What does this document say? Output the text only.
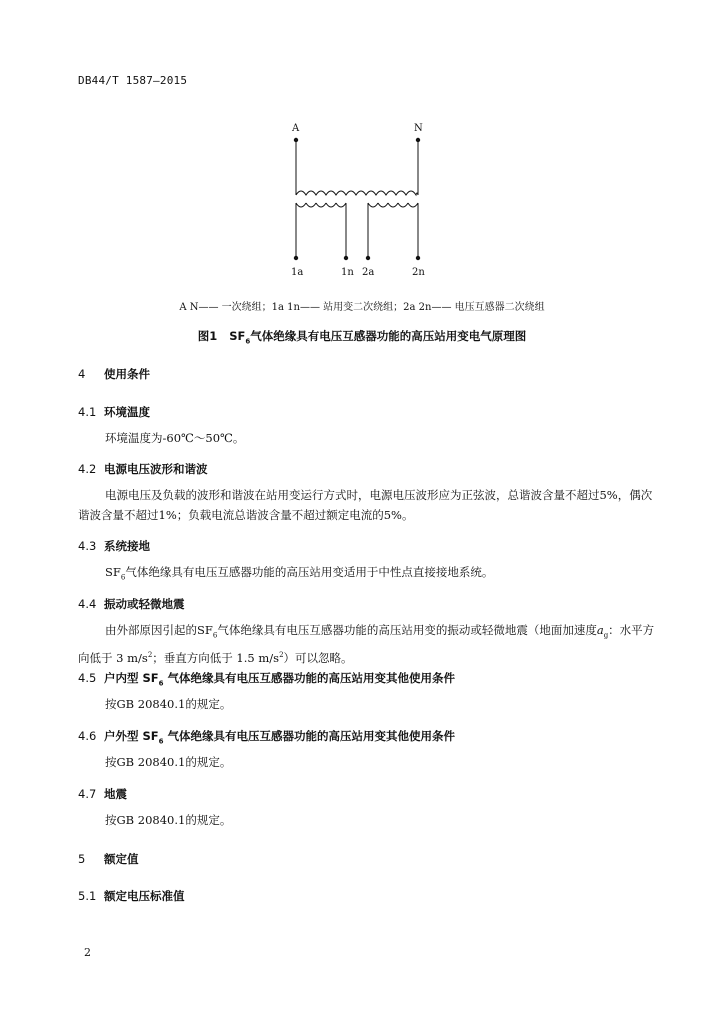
DB44/T 1587—2015
A	N
1a	1n 2a	2n
A N—— 一次绕组；1a 1n—— 站用变二次绕组；2a 2n—— 电压互感器二次绕组
图1 $SF_6$气体绝缘具有电压互感器功能的高压站用变电气原理图
4 使用条件
4.1 环境温度
环境温度为-60℃～50℃。
4.2 电源电压波形和谐波
电源电压及负载的波形和谐波在站用变运行方式时，电源电压波形应为正弦波，总谐波含量不超过5%，偶次谐波含量不超过1%；负载电流总谐波含量不超过额定电流的5%。
4.3 系统接地
$SF_6$气体绝缘具有电压互感器功能的高压站用变适用于中性点直接接地系统。
4.4 振动或轻微地震
由外部原因引起的$SF_6$气体绝缘具有电压互感器功能的高压站用变的振动或轻微地震（地面加速度$a_g$：水平方向低于 3 $m/s^2$；垂直方向低于 1.5 $m/s^2$）可以忽略。
4.5 户内型 $SF_6$ 气体绝缘具有电压互感器功能的高压站用变其他使用条件
按GB 20840.1的规定。
4.6 户外型 $SF_6$ 气体绝缘具有电压互感器功能的高压站用变其他使用条件
按GB 20840.1的规定。
4.7 地震
按GB 20840.1的规定。
5 额定值
5.1 额定电压标准值
2
